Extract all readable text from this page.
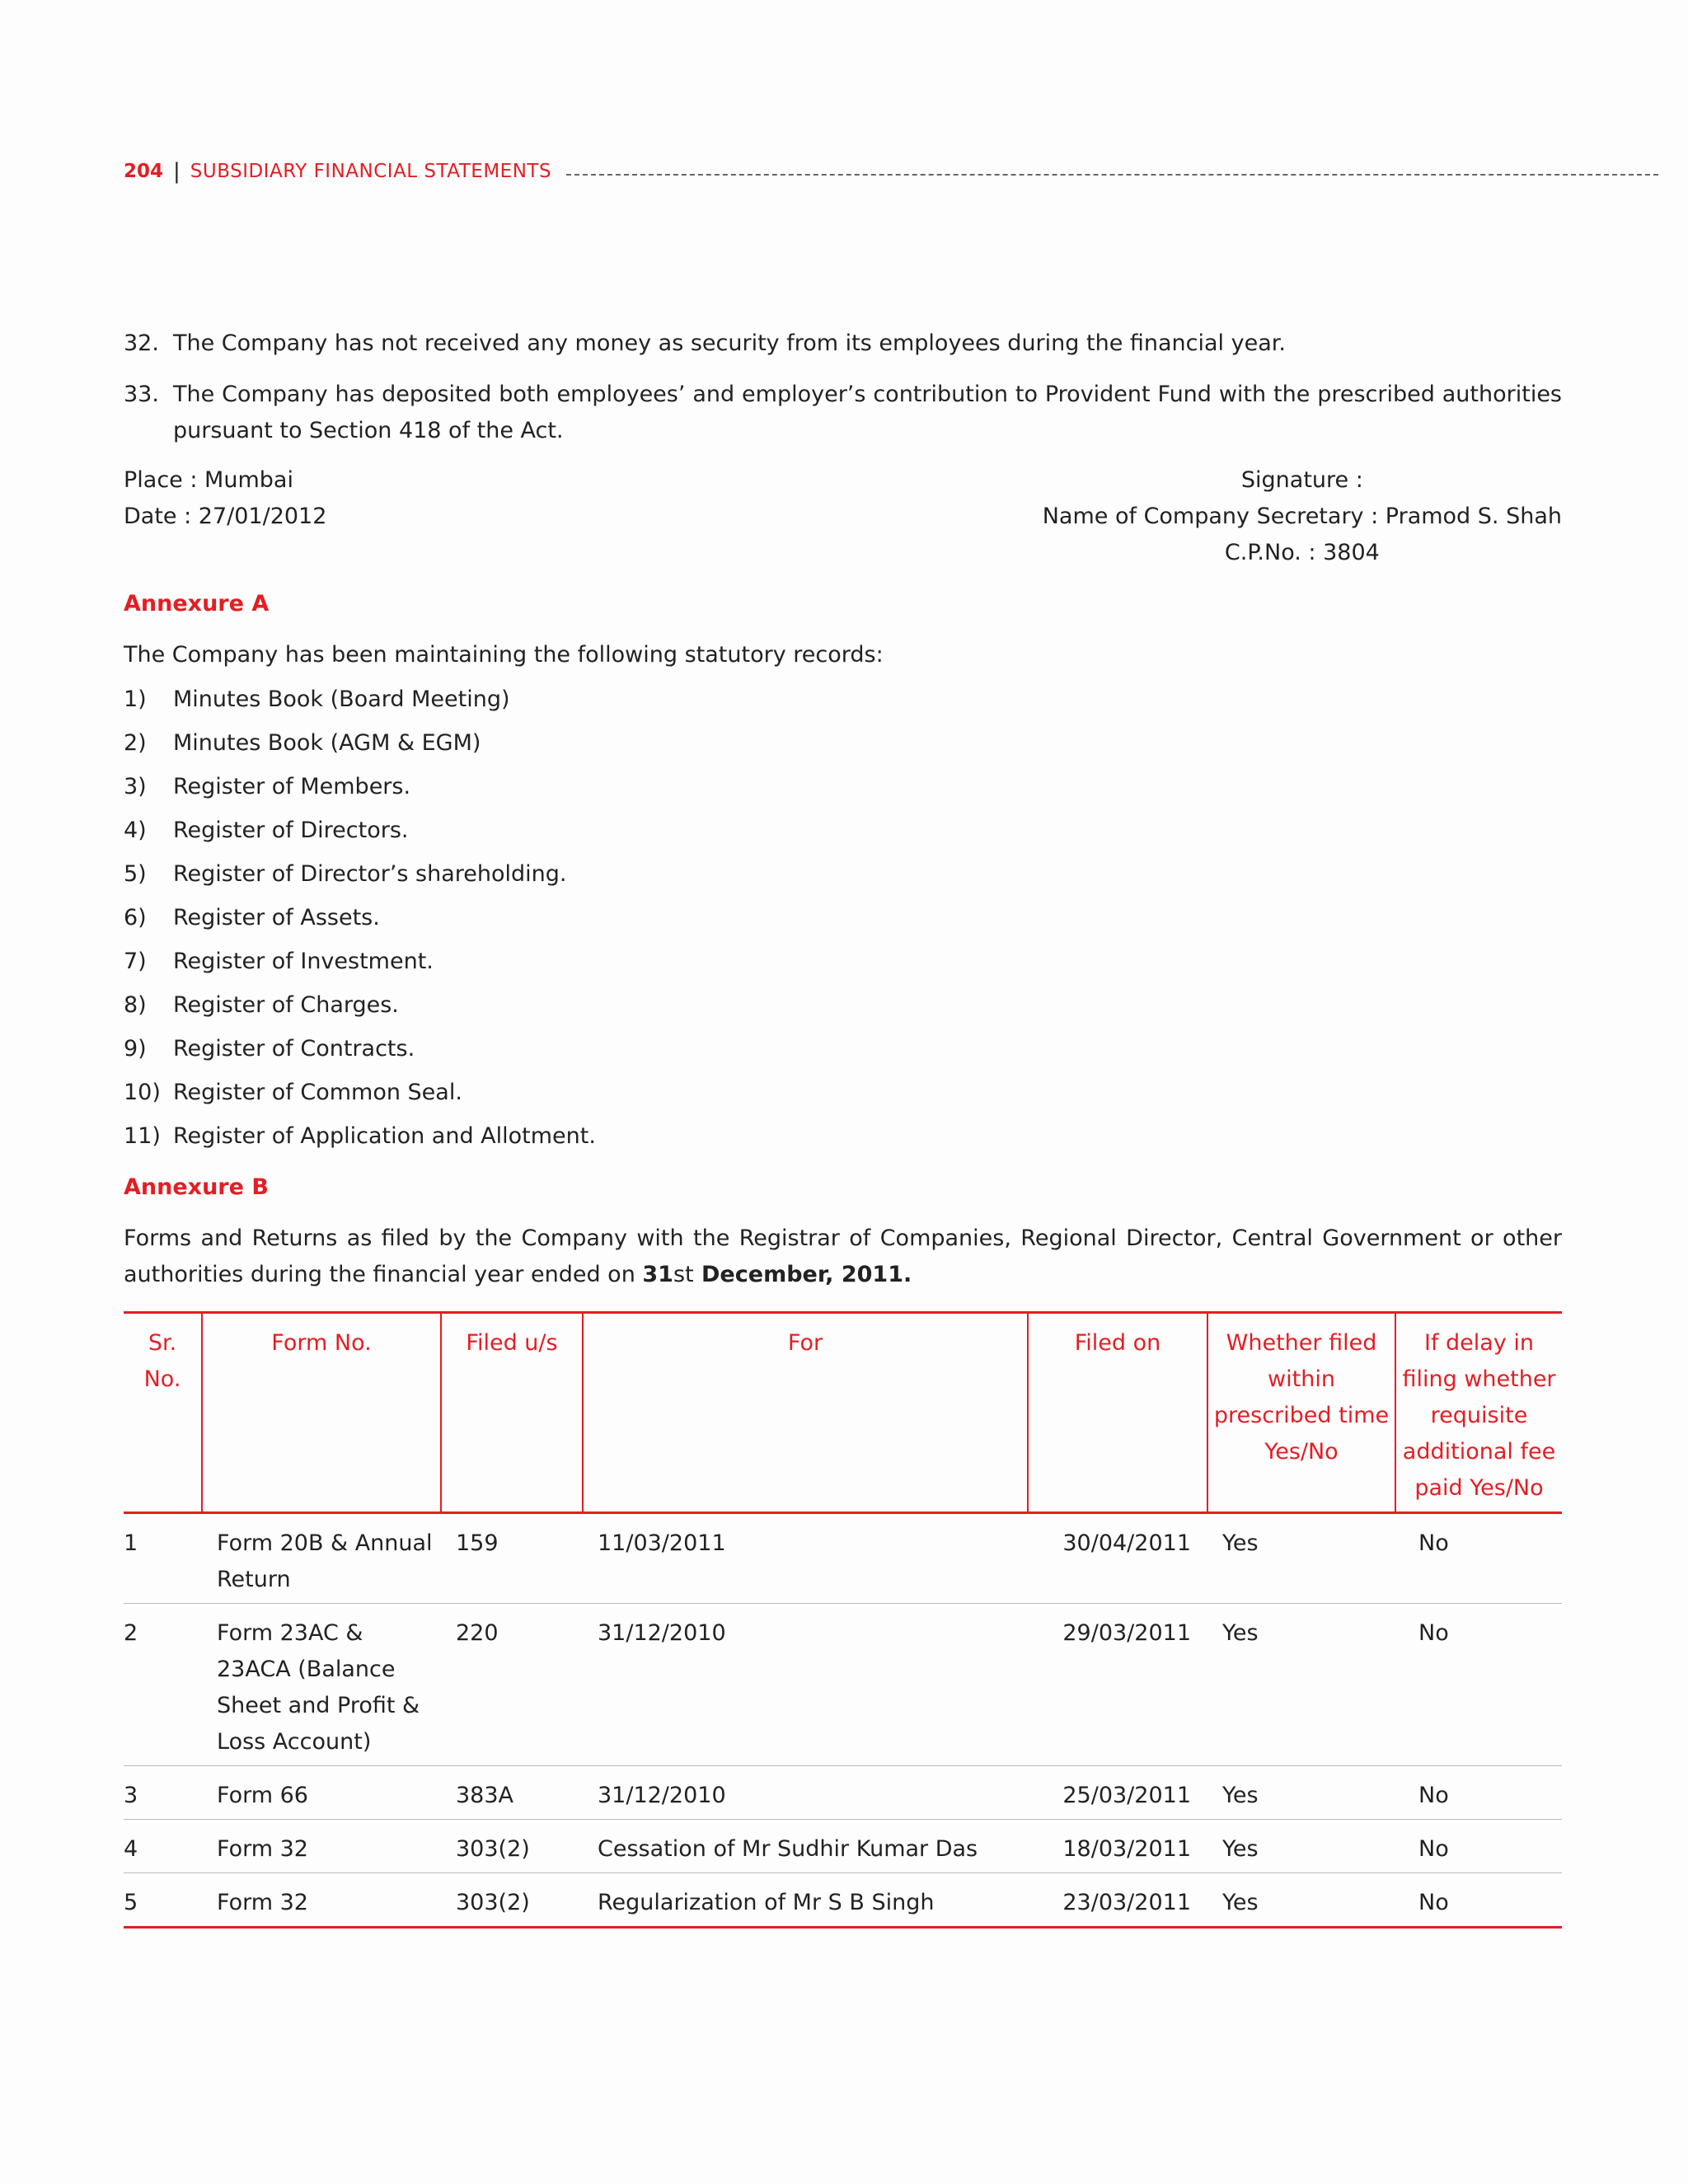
204 | SUBSIDIARY FINANCIAL STATEMENTS
32. The Company has not received any money as security from its employees during the financial year.
33. The Company has deposited both employees’ and employer’s contribution to Provident Fund with the prescribed authorities pursuant to Section 418 of the Act.
Place : Mumbai
Date : 27/01/2012
Signature :
Name of Company Secretary : Pramod S. Shah
C.P.No. : 3804
Annexure A
The Company has been maintaining the following statutory records:
1)	Minutes Book (Board Meeting)
2)	Minutes Book (AGM & EGM)
3)	Register of Members.
4)	Register of Directors.
5)	Register of Director’s shareholding.
6)	Register of Assets.
7)	Register of Investment.
8)	Register of Charges.
9)	Register of Contracts.
10) Register of Common Seal.
11) Register of Application and Allotment.
Annexure B
Forms and Returns as filed by the Company with the Registrar of Companies, Regional Director, Central Government or other authorities during the financial year ended on 31st December, 2011.
Sr. No.	Form No.	Filed u/s	For	Filed on	Whether filed within prescribed time Yes/No	If delay in filing whether requisite additional fee paid Yes/No
1	Form 20B & Annual Return	159	11/03/2011	30/04/2011	Yes	No
2	Form 23AC & 23ACA (Balance Sheet and Profit & Loss Account)	220	31/12/2010	29/03/2011	Yes	No
3	Form 66	383A	31/12/2010	25/03/2011	Yes	No
4	Form 32	303(2)	Cessation of Mr Sudhir Kumar Das	18/03/2011	Yes	No
5	Form 32	303(2)	Regularization of Mr S B Singh	23/03/2011	Yes	No
